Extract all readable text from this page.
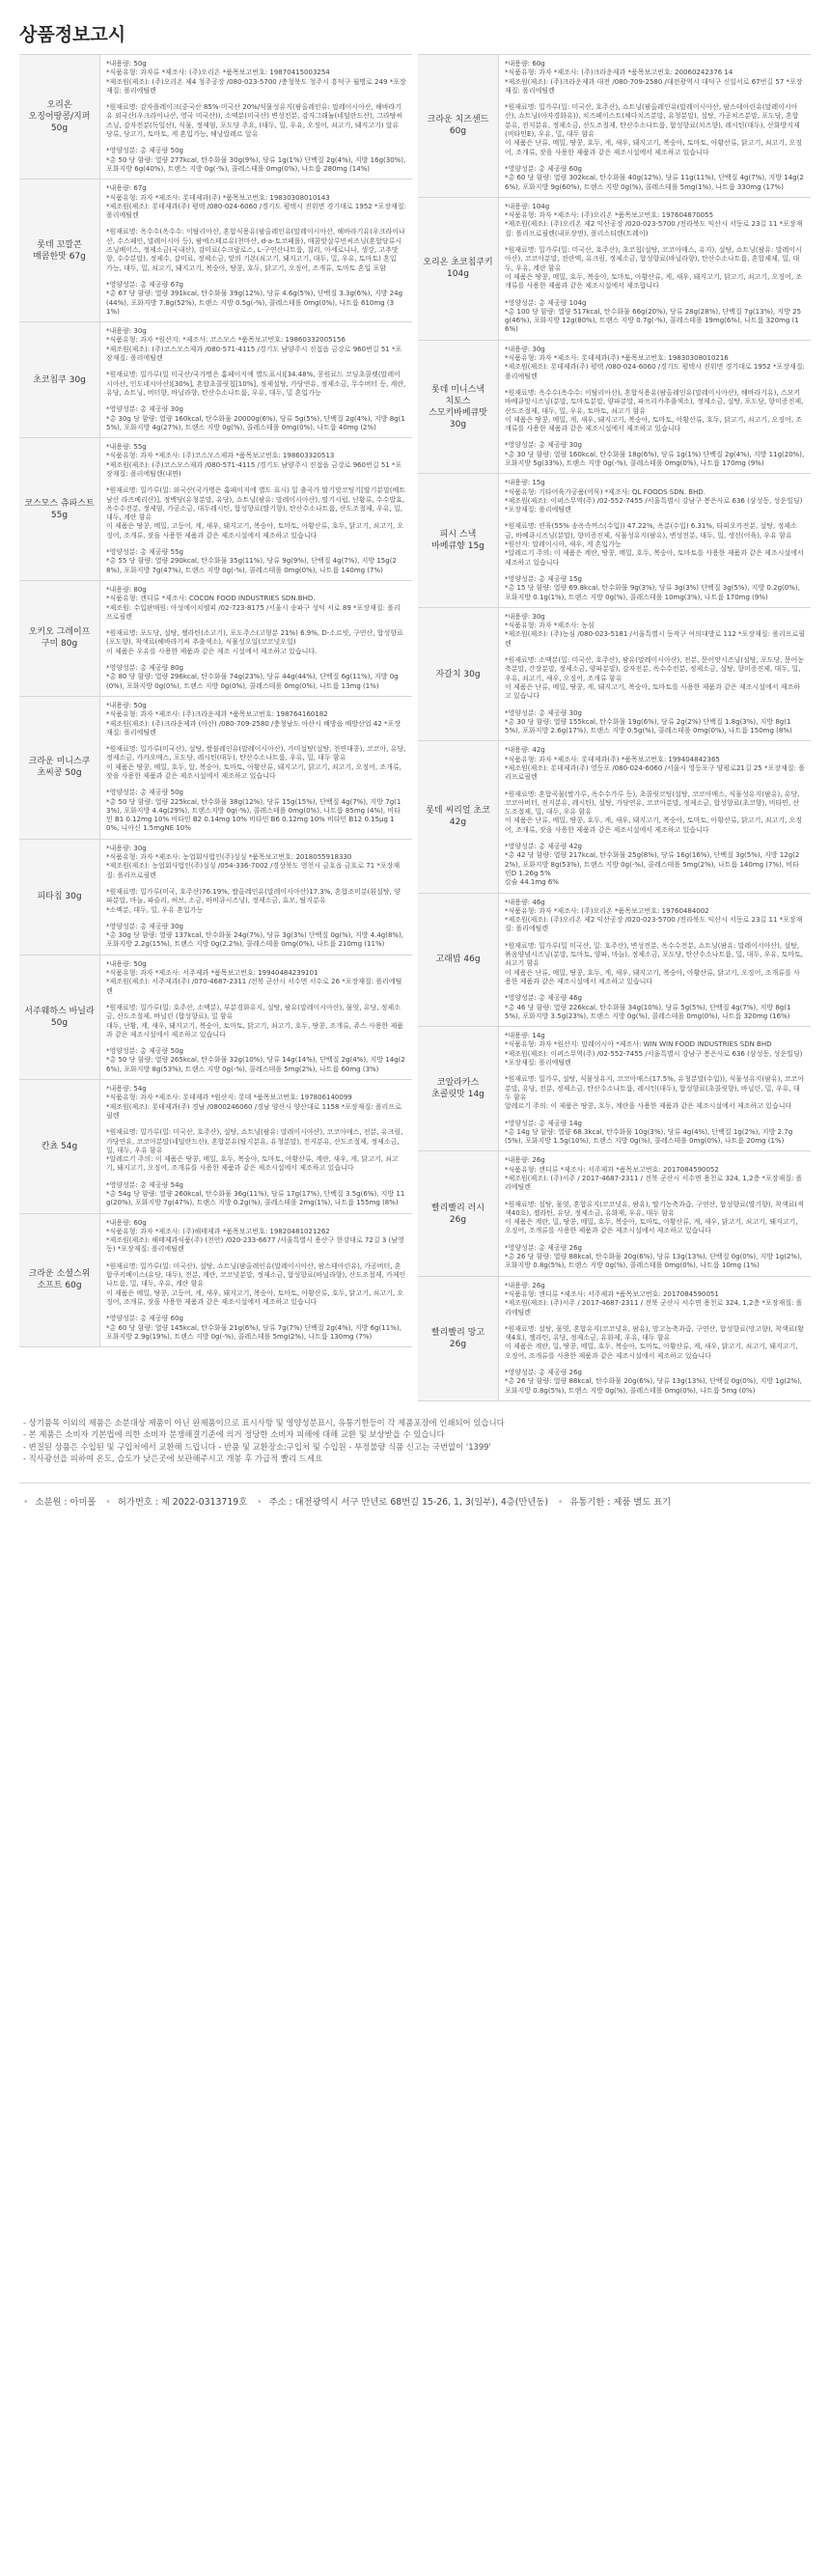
상품정보고시
오리온 오징어땅콩/지퍼 50g

*내용량: 50g
*식품유형: 과자류 *제조사: (주)오리온 *품목보고번호: 19870415003254
*제조원(제조): (주)오리온 제4 청주공장 /080-023-5700 /충청북도 청주시 흥덕구 월명로 249 *포장재질: 폴리에틸렌

*원재료명: 감자플레이크(중국산 85%·미국산 20%/식물성유지(팜올레인유: 말레이시아산, 해바라기유 외국산(우크라이나산, 영국 미국산)), 소맥분(미국산) 변성전분, 감자그래뉼(네덜란드산), 그라탕씨즈닝, 감자전분(독일산), 식물, 정제염, 포도당 주요, (대두, 밀, 우유, 오징어, 쇠고기, 돼지고기) 알유
당류, 당고기, 토마토, 게 혼입가능, 해낭알레르 알유

*영양성분: 총 제공량 50g
*총 50 당 함량: 열량 277kcal, 탄수화물 30g(9%), 당류 1g(1%) 단백질 2g(4%), 지방 16g(30%), 포화지방 6g(40%), 트랜스 지방 0g(-%), 콜레스테롤 0mg(0%), 나트륨 280mg (14%)

롯데 꼬깔콘 매콤한맛 67g

*내용량: 67g
*식품유형: 과자 *제조사: 롯데제과(주) *품목보고번호: 19830308010143
*제조원(제조): 롯데제과(주) 평택 /080-024-6060 /경기도 평택시 진위면 경기대로 1952 *포장재질: 폴리에틸렌

*원재료명: 옥수수(옥수수: 이탈리아산, 혼합식용유(팜올레인유(말레이시아산, 해바라기유(우크라이나산, 수스페인, 말레이시아 등), 팜에스테르유(천마산, d-a-토코페롤), 매콤맛살루빈씨즈닝(혼합당류시즈닝배이스, 정제소금(국내산), 감미료(수크랄로스, L-구연산나트륨, 칠리, 아세로니나, 생강, 고추맛향, 수수분말), 정제수, 감미료, 정제소금, 맛의 기본(쇠고기, 돼지고기, 대두, 밀, 우유, 토마토) 혼입
가능, 대두, 밀, 쇠고기, 돼지고기, 복숭아, 땅콩, 호두, 닭고기, 오징어, 조개류, 토마토 혼입 포함

*영양성분: 총 제공량 67g
*총 67 당 함량: 열량 391kcal, 탄수화물 39g(12%), 당류 4.6g(5%), 단백질 3.3g(6%), 지방 24g(44%), 포화지방 7.8g(52%), 트랜스 지방 0.5g(-%), 콜레스테롤 0mg(0%), 나트륨 610mg (31%)

초코칩쿠 30g

*내용량: 30g
*식품유형: 과자 *원산지: *제조사: 코스모스 *품목보고번호: 19860332005156
*제조원(제조): (주)코스모스제과 /080-571-4115 /경기도 남양주시 진접읍 금강로 960번길 51 *포장재질: 폴리에틸렌

*원재료명: 밀가루(밀 미국산/국가명은 홈페이지에 별도표시)[34.48%, 콩원료드 코딩초콜렛(말레이시아산, 인도네시아산)[30%], 혼합초콜릿칩[10%], 정제설탕, 가당연유, 정제소금, 무수버터 등, 계란, 유당, 쇼트닝, 버터향, 바닐라향, 탄산수소나트륨, 우유, 대두, 밀 혼입가능

*영양성분: 총 제공량 30g
*총 30g 당 함량: 열량 160kcal, 탄수화물 20000g(6%), 당류 5g(5%), 단백질 2g(4%), 지방 8g(15%), 포화지방 4g(27%), 트랜스 지방 0g(%), 콜레스테롤 0mg(0%), 나트륨 40mg (2%)

코스모스 츄파스트 55g

*내용량: 55g
*식품유형: 과자 *제조사: (주)코스모스제과 *품목보고번호: 198603320513
*제조원(제조): (주)코스모스제과 /080-571-4115 /경기도 남양주시 진접읍 금강로 960번길 51 *포장재질: 폴리에틸렌(내면)

*원재료명: 밀가루(밀: 외국산(국가명은 홈페이지에 별도 표시) 밀 출곡가 딸기맛코팅기[딸기분말(베트남산 라즈베리산)], 정백당(유청분말, 유당), 쇼트닝(팜유: 말레이시아산), 딸기시럽, 난황류, 수수발효, 옥수수전분, 정제염, 가공소금, 대두레시틴, 합성향료(딸기향), 탄산수소나트륨, 산도조절제, 우유, 밀, 대두, 계란 함유
이 제품은 땅콩, 메밀, 고등어, 게, 새우, 돼지고기, 복숭아, 토마토, 아황산류, 호두, 닭고기, 쇠고기, 오징어, 조개류, 잣을 사용한 제품과 같은 제조시설에서 제조하고 있습니다

*영양성분: 총 제공량 55g
*총 55 당 함량: 열량 290kcal, 탄수화물 35g(11%), 당류 9g(9%), 단백질 4g(7%), 지방 15g(28%), 포화지방 7g(47%), 트랜스 지방 0g(-%), 콜레스테롤 0mg(0%), 나트륨 140mg (7%)

오키오 그레이프 구미 80g

*내용량: 80g
*식품유형: 캔디류 *제조사: COCON FOOD INDUSTRIES SDN.BHD.
*제조원: 수입판매원: 아성에이치엠피 /02-723-8175 /서울시 송파구 성덕 서로 89 *포장재질: 폴리프로필렌

*원재료명: 포도당, 설탕, 젤라틴(소고기), 포도주스(고형분 21%) 6.9%, D-소르빗, 구연산, 합성향료(포도향), 착색료(해바라기씨 추출색소), 식물성오일(코코넛오일)
이 제품은 우유를 사용한 제품과 같은 제조 시설에서 제조하고 있습니다.

*영양성분: 총 제공량 80g
*총 80 당 함량: 열량 296kcal, 탄수화물 74g(23%), 당류 44g(44%), 단백질 6g(11%), 지방 0g(0%), 포화지방 0g(0%), 트랜스 지방 0g(0%), 콜레스테롤 0mg(0%), 나트륨 13mg (1%)

크라운 미니스쿠 초씨콩 50g

*내용량: 50g
*식품유형: 과자 *제조사: (주)크라운제과 *품목보고번호: 198764160182
*제조원(제조): (주)크라운제과 (아산) /080-709-2580 /충청남도 아산시 배방읍 배방산업 42 *포장재질: 폴리에틸렌

*원재료명: 밀가루(미국산), 설탕, 쌀불레인유(말레이시아산), 가미설탕(설탕, 천연대콩), 코코아, 유당, 정제소금, 카카오매스, 포도당, 레시틴(대두), 탄산수소나트륨, 우유, 밀, 대두 함유
이 제품은 땅콩, 메밀, 호두, 알, 복숭아, 토마토, 아황산류, 돼지고기, 닭고기, 쇠고기, 오징어, 조개류, 잣을 사용한 제품과 같은 제조시설에서 제조하고 있습니다

*영양성분: 총 제공량 50g
*총 50 당 함량: 열량 225kcal, 탄수화물 38g(12%), 당류 15g(15%), 단백질 4g(7%), 지방 7g(13%), 포화지방 4.4g(29%), 트랜스지방 0g(-%), 콜레스테롤 0mg(0%), 나트륨 85mg (4%), 비타민 B1 0.12mg 10% 비타민 B2 0.14mg 10% 비타민 B6 0.12mg 10% 비타민 B12 0.15μg 10%, 니아신 1.5mgNE 10%

피타칩 30g

*내용량: 30g
*식품유형: 과자 *제조사: 농업회사법인(주)싱싱 *품목보고번호: 2018055918330
*제조원(제조): 농업회사법인(주)싱싱 /054-336-7002 /경상북도 영천시 금호읍 금호로 71 *포장재질: 폴리프로필렌

*원재료명: 밀가루(미국, 호주산)76.19%, 쌀올레인유(말레이시아산)17.3%, 혼합조미분(흰설탕, 양파분말, 마늘, 파슬리, 허브, 소금, 바비큐시즈닝), 정제소금, 효모, 탈지분유
*소맥분, 대두, 밀, 우유 혼입가능

*영양성분: 총 제공량 30g
*총 30g 당 함량: 열량 137kcal, 탄수화물 24g(7%), 당류 3g(3%) 단백질 0g(%), 지방 4.4g(8%), 포화지방 2.2g(15%), 트랜스 지방 0g(2.2%), 콜레스테롤 0mg(0%), 나트륨 210mg (11%)

서주웨하스 바닐라 50g

*내용량: 50g
*식품유형: 과자 *제조사: 서주제과 *품목보고번호: 19940484239101
*제조원(제조): 서주제과(주) /070-4687-2311 /전북 군산시 서수면 서수로 26 *포장재질: 폴리에틸렌

*원재료명: 밀가루(밀: 호주산, 소맥분), 부분경화유지, 설탕, 팜유(말레이시아산), 물엿, 유당, 정제소금, 산도조절제, 바닐린 (합성향료), 밀 함유
대두, 난황, 게, 새우, 돼지고기, 복숭아, 토마토, 닭고기, 쇠고기, 호두, 땅콩, 조개류, 쥬스 사용한 제품과 같은 제조시설에서 제조하고 있습니다

*영양성분: 총 제공량 50g
*총 50 당 함량: 열량 265kcal, 탄수화물 32g(10%), 당류 14g(14%), 단백질 2g(4%), 지방 14g(26%), 포화지방 8g(53%), 트랜스 지방 0g(-%), 콜레스테롤 5mg(2%), 나트륨 60mg (3%)

칸쵸 54g

*내용량: 54g
*식품유형: 과자 *제조사: 롯데제과 *원산지: 롯데 *품목보고번호: 197806140099
*제조원(제조): 롯데제과(주) 경남 /0800246060 /경남 양산시 양산대로 1158 *포장재질: 폴리프로필렌

*원재료명: 밀가루(밀: 미국산, 호주산), 설탕, 쇼트닝(팜유: 말레이시아산), 코코아매스, 전분, 유크림, 가당연유, 코코아분말(네덜란드산), 혼합분유(탈지분유, 유청분말), 전지분유, 산도조절제, 정제소금, 밀, 대두, 우유 함유
*알레르기 주의: 이 제품은 땅콩, 메밀, 호두, 복숭아, 토마토, 아황산류, 계란, 새우, 게, 닭고기, 쇠고기, 돼지고기, 오징어, 조개류를 사용한 제품과 같은 제조시설에서 제조하고 있습니다

*영양성분: 총 제공량 54g
*총 54g 당 함량: 열량 260kcal, 탄수화물 36g(11%), 당류 17g(17%), 단백질 3.5g(6%), 지방 11g(20%), 포화지방 7g(47%), 트랜스 지방 0.2g(%), 콜레스테롤 2mg(1%), 나트륨 155mg (8%)

크라운 소셜스위 소프트 60g

*내용량: 60g
*식품유형: 과자 *제조사: (주)해태제과 *품목보고번호: 19820481021262
*제조원(제조): 해태제과식품(주) (천안) /020-233-6677 /서울특별시 용산구 한강대로 72길 3 (남영동) *포장재질: 폴리에틸렌

*원재료명: 밀가루(밀: 미국산), 설탕, 쇼트닝(팜올레인유(말레이시아산, 팜스테아린유), 가공버터, 혼합쿠키베이스(유당, 대두), 전분, 계란, 코코넛분말, 정제소금, 합성향료(바닐라향), 산도조절제, 카제인나트륨, 밀, 대두, 우유, 계란 함유
이 제품은 메밀, 땅콩, 고등어, 게, 새우, 돼지고기, 복숭아, 토마토, 아황산류, 호두, 닭고기, 쇠고기, 오징어, 조개류, 잣을 사용한 제품과 같은 제조시설에서 제조하고 있습니다

*영양성분: 총 제공량 60g
*총 60 당 함량: 열량 145kcal, 탄수화물 21g(6%), 당류 7g(7%) 단백질 2g(4%), 지방 6g(11%), 포화지방 2.9g(19%), 트랜스 지방 0g(-%), 콜레스테롤 5mg(2%), 나트륨 130mg (7%)

크라운 치즈센드 60g

*내용량: 60g
*식품유형: 과자 *제조사: (주)크라운제과 *품목보고번호: 20060242376 14
*제조원(제조): (주)크라운제과 대전 /080-709-2580 /대전광역시 대덕구 신일서로 67번길 57 *포장재질: 폴리에틸렌

*원재료명: 밀가루(밀: 미국산, 호주산), 쇼트닝(팜올레인유(말레이시아산, 팜스테아린유(말레이시아산), 쇼트닝(야자경화유)), 치즈페이스트(체다치즈분말, 유청분말), 설탕, 가공치즈분말, 포도당, 혼합분유, 전지분유, 정제소금, 산도조절제, 탄산수소나트륨, 합성향료(치즈향), 레시틴(대두), 산화방지제(비타민E), 우유, 밀, 대두 함유
이 제품은 난류, 메밀, 땅콩, 호두, 게, 새우, 돼지고기, 복숭아, 토마토, 아황산류, 닭고기, 쇠고기, 오징어, 조개류, 잣을 사용한 제품과 같은 제조시설에서 제조하고 있습니다

*영양성분: 총 제공량 60g
*총 60 당 함량: 열량 302kcal, 탄수화물 40g(12%), 당류 11g(11%), 단백질 4g(7%), 지방 14g(26%), 포화지방 9g(60%), 트랜스 지방 0g(%), 콜레스테롤 5mg(1%), 나트륨 330mg (17%)

오리온 초코칩쿠키 104g

*내용량: 104g
*식품유형: 과자 *제조사: (주)오리온 *품목보고번호: 197604870055
*제조원(제조): (주)오리온 제2 익산공장 /020-023-5700 /전라북도 익산시 서동로 23길 11 *포장재질: 폴리프로필렌(내포장면), 폴리스티렌(트레이)

*원재료명: 밀가루(밀: 미국산, 호주산), 초코칩(설탕, 코코아매스, 유지), 설탕, 쇼트닝(팜유: 말레이시아산), 코코아분말, 전란액, 유크림, 정제소금, 합성향료(바닐라향), 탄산수소나트륨, 혼합제제, 밀, 대두, 우유, 계란 함유
이 제품은 땅콩, 메밀, 호두, 복숭아, 토마토, 아황산류, 게, 새우, 돼지고기, 닭고기, 쇠고기, 오징어, 조개류를 사용한 제품과 같은 제조시설에서 제조합니다

*영양성분: 총 제공량 104g
*총 100 당 함량: 열량 517kcal, 탄수화물 66g(20%), 당류 28g(28%), 단백질 7g(13%), 지방 25g(46%), 포화지방 12g(80%), 트랜스 지방 0.7g(-%), 콜레스테롤 19mg(6%), 나트륨 320mg (16%)

롯데 미니스낵 치토스 스모키바베큐맛 30g

*내용량: 30g
*식품유형: 과자 *제조사: 롯데제과(주) *품목보고번호: 19830308010216
*제조원(제조): 롯데제과(주) 평택 /080-024-6060 /경기도 평택시 진위면 경기대로 1952 *포장재질: 폴리에틸렌

*원재료명: 옥수수(옥수수: 이탈리아산), 혼합식용유(팜올레인유(말레이시아산), 해바라기유), 스모키바베큐맛시즈닝(분말, 토마토분말, 양파분말, 파프리카추출색소), 정제소금, 설탕, 포도당, 향미증진제, 산도조절제, 대두, 밀, 우유, 토마토, 쇠고기 함유
이 제품은 땅콩, 메밀, 게, 새우, 돼지고기, 복숭아, 토마토, 아황산류, 호두, 닭고기, 쇠고기, 오징어, 조개류를 사용한 제품과 같은 제조시설에서 제조하고 있습니다

*영양성분: 총 제공량 30g
*총 30 당 함량: 열량 160kcal, 탄수화물 18g(6%), 당류 1g(1%) 단백질 2g(4%), 지방 11g(20%), 포화지방 5g(33%), 트랜스 지방 0g(-%), 콜레스테롤 0mg(0%), 나트륨 170mg (9%)

피시 스낵 바베큐향 15g

*내용량: 15g
*식품유형: 기타어육가공품(어묵) *제조사: QL FOODS SDN. BHD.
*제조원(제조): 이퍼스무역(주) /02-552-7455 /서울특별시 강남구 봉은사로 636 (삼성동, 성운빌딩) *포장재질: 폴리에틸렌

*원재료명: 연육(55% 송옥속꺼스(수입)) 47.22%, 옥분(수입) 6.31%, 타피오카전분, 설탕, 정제소금, 바베큐시즈닝(분말), 향미증진제, 식물성유지(팜유), 변성전분, 대두, 밀, 생선(어육), 우유 함유
*원산지: 말레이시아, 새우, 게 혼입가능
*알레르기 주의: 이 제품은 계란, 땅콩, 메밀, 호두, 복숭아, 토마토를 사용한 제품과 같은 제조시설에서 제조하고 있습니다

*영양성분: 총 제공량 15g
*총 15 당 함량: 열량 69.8kcal, 탄수화물 9g(3%), 당류 3g(3%) 단백질 3g(5%), 지방 0.2g(0%), 포화지방 0.1g(1%), 트랜스 지방 0g(%), 콜레스테롤 10mg(3%), 나트륨 170mg (9%)

자갈치 30g

*내용량: 30g
*식품유형: 과자 *제조사: 농심
*제조원(제조): (주)농심 /080-023-5181 /서울특별시 동작구 여의대방로 112 *포장재질: 폴리프로필렌

*원재료명: 소맥분(밀: 미국산, 호주산), 팜유(말레이시아산), 전분, 문어맛시즈닝(설탕, 포도당, 문어농축분말, 간장분말, 정제소금, 양파분말), 감자전분, 옥수수전분, 정제소금, 설탕, 향미증진제, 대두, 밀, 우유, 쇠고기, 새우, 오징어, 조개류 함유
이 제품은 난류, 메밀, 땅콩, 게, 돼지고기, 복숭아, 토마토를 사용한 제품과 같은 제조시설에서 제조하고 있습니다

*영양성분: 총 제공량 30g
*총 30 당 함량: 열량 155kcal, 탄수화물 19g(6%), 당류 2g(2%) 단백질 1.8g(3%), 지방 8g(15%), 포화지방 2.6g(17%), 트랜스 지방 0.5g(%), 콜레스테롤 0mg(0%), 나트륨 150mg (8%)

롯데 씨리얼 초코 42g

*내용량: 42g
*식품유형: 과자 *제조사: 롯데제과(주) *품목보고번호: 199404842365
*제조원(제조): 롯데제과(주) 영등포 /080-024-6060 /서울시 영등포구 양평로21길 25 *포장재질: 폴리프로필렌

*원재료명: 혼합곡물(쌀가루, 옥수수가루 등), 초콜릿코팅(설탕, 코코아매스, 식물성유지(팜유), 유당, 코코아버터, 전지분유, 레시틴), 설탕, 가당연유, 코코아분말, 정제소금, 합성향료(초코향), 비타민, 산도조절제, 밀, 대두, 우유 함유
이 제품은 난류, 메밀, 땅콩, 호두, 게, 새우, 돼지고기, 복숭아, 토마토, 아황산류, 닭고기, 쇠고기, 오징어, 조개류, 잣을 사용한 제품과 같은 제조시설에서 제조하고 있습니다

*영양성분: 총 제공량 42g
*총 42 당 함량: 열량 217kcal, 탄수화물 25g(8%), 당류 16g(16%), 단백질 3g(5%), 지방 12g(22%), 포화지방 8g(53%), 트랜스 지방 0g(-%), 콜레스테롤 5mg(2%), 나트륨 140mg (7%), 비타민D 1.26g 5%
칼슘 44.1mg 6%

고래밥 46g

*내용량: 46g
*식품유형: 과자 *제조사: (주)오리온 *품목보고번호: 19760484002
*제조원(제조): (주)오리온 제2 익산공장 /020-023-5700 /전라북도 익산시 서동로 23길 11 *포장재질: 폴리에틸렌

*원재료명: 밀가루(밀 미국산, 밀: 호주산), 변성전분, 옥수수전분, 쇼트닝(팜유: 말레이시아산), 설탕, 볶음양념시즈닝(분말, 토마토, 양파, 마늘), 정제소금, 포도당, 탄산수소나트륨, 밀, 대두, 우유, 토마토, 쇠고기 함유
이 제품은 난류, 메밀, 땅콩, 호두, 게, 새우, 돼지고기, 복숭아, 아황산류, 닭고기, 오징어, 조개류를 사용한 제품과 같은 제조시설에서 제조하고 있습니다

*영양성분: 총 제공량 46g
*총 46 당 함량: 열량 226kcal, 탄수화물 34g(10%), 당류 5g(5%), 단백질 4g(7%), 지방 8g(15%), 포화지방 3.5g(23%), 트랜스 지방 0g(%), 콜레스테롤 0mg(0%), 나트륨 320mg (16%)

코알라카스 초콜릿맛 14g

*내용량: 14g
*식품유형: 과자 *원산지: 말레이시아 *제조사: WIN WIN FOOD INDUSTRIES SDN BHD
*제조원(제조): 이퍼스무역(주) /02-552-7455 /서울특별시 강남구 봉은사로 636 (삼성동, 성운빌딩) *포장재질: 폴리에틸렌

*원재료명: 밀가루, 설탕, 식물성유지, 코코아매스(17.5%, 유청분말(수입)), 식물성유지(팜유), 코코아분말, 유당, 전분, 정제소금, 탄산수소나트륨, 레시틴(대두), 합성향료(초콜릿향), 바닐린, 밀, 우유, 대두 함유
알레르기 주의: 이 제품은 땅콩, 호두, 계란을 사용한 제품과 같은 제조시설에서 제조하고 있습니다

*영양성분: 총 제공량 14g
*총 14g 당 함량: 열량 68.3kcal, 탄수화물 10g(3%), 당류 4g(4%), 단백질 1g(2%), 지방 2.7g(5%), 포화지방 1.5g(10%), 트랜스 지방 0g(%), 콜레스테롤 0mg(0%), 나트륨 20mg (1%)

빨리빨리 러시 26g

*내용량: 26g
*식품유형: 캔디류 *제조사: 서주제과 *품목보고번호: 2017084590052
*제조원(제조): (주)서주 / 2017-4687-2311 / 전북 군산시 서수면 용천로 324, 1,2층 *포장재질: 폴리에틸렌

*원재료명: 설탕, 물엿, 혼합유지(코코넛유, 팜유), 딸기농축과즙, 구연산, 합성향료(딸기향), 착색료(적색40호), 젤라틴, 유당, 정제소금, 유화제, 우유, 대두 함유
이 제품은 계란, 밀, 땅콩, 메밀, 호두, 복숭아, 토마토, 아황산류, 게, 새우, 닭고기, 쇠고기, 돼지고기, 오징어, 조개류를 사용한 제품과 같은 제조시설에서 제조하고 있습니다

*영양성분: 총 제공량 26g
*총 26 당 함량: 열량 88kcal, 탄수화물 20g(6%), 당류 13g(13%), 단백질 0g(0%), 지방 1g(2%), 포화지방 0.8g(5%), 트랜스 지방 0g(%), 콜레스테롤 0mg(0%), 나트륨 10mg (1%)

빨리빨리 망고 26g

*내용량: 26g
*식품유형: 캔디류 *제조사: 서주제과 *품목보고번호: 2017084590051
*제조원(제조): (주)서주 / 2017-4687-2311 / 전북 군산시 서수면 용천로 324, 1,2층 *포장재질: 폴리에틸렌

*원재료명: 설탕, 물엿, 혼합유지(코코넛유, 팜유), 망고농축과즙, 구연산, 합성향료(망고향), 착색료(황색4호), 젤라틴, 유당, 정제소금, 유화제, 우유, 대두 함유
이 제품은 계란, 밀, 땅콩, 메밀, 호두, 복숭아, 토마토, 아황산류, 게, 새우, 닭고기, 쇠고기, 돼지고기, 오징어, 조개류를 사용한 제품과 같은 제조시설에서 제조하고 있습니다

*영양성분: 총 제공량 26g
*총 26 당 함량: 열량 88kcal, 탄수화물 20g(6%), 당류 13g(13%), 단백질 0g(0%), 지방 1g(2%), 포화지방 0.8g(5%), 트랜스 지방 0g(%), 콜레스테롤 0mg(0%), 나트륨 5mg (0%)

- 상기품목 이외의 제품은 소분대상 제품이 아닌 완제품이므로 표시사항 및 영양성분표시, 유통기한등이 각 제품포장에 인쇄되어 있습니다
- 본 제품은 소비자 기본법에 의한 소비자 분쟁해결기준에 의거 정당한 소비자 피해에 대해 교환 및 보상받을 수 있습니다
- 변질된 상품은 수입된 및 구입처에서 교환해 드립니다 - 반품 및 교환장소:구입처 및 수입원 - 부정불량 식품 신고는 국번없이 '1399'
- 직사광선을 피하여 온도, 습도가 낮은곳에 보관해주시고 개봉 후 가급적 빨리 드세요
• 소분원 : 아미몰 • 허가번호 : 제 2022-0313719호 • 주소 : 대전광역시 서구 만년로 68번길 15-26, 1, 3(일부), 4층(만년동) • 유통기한 : 제품 별도 표기
